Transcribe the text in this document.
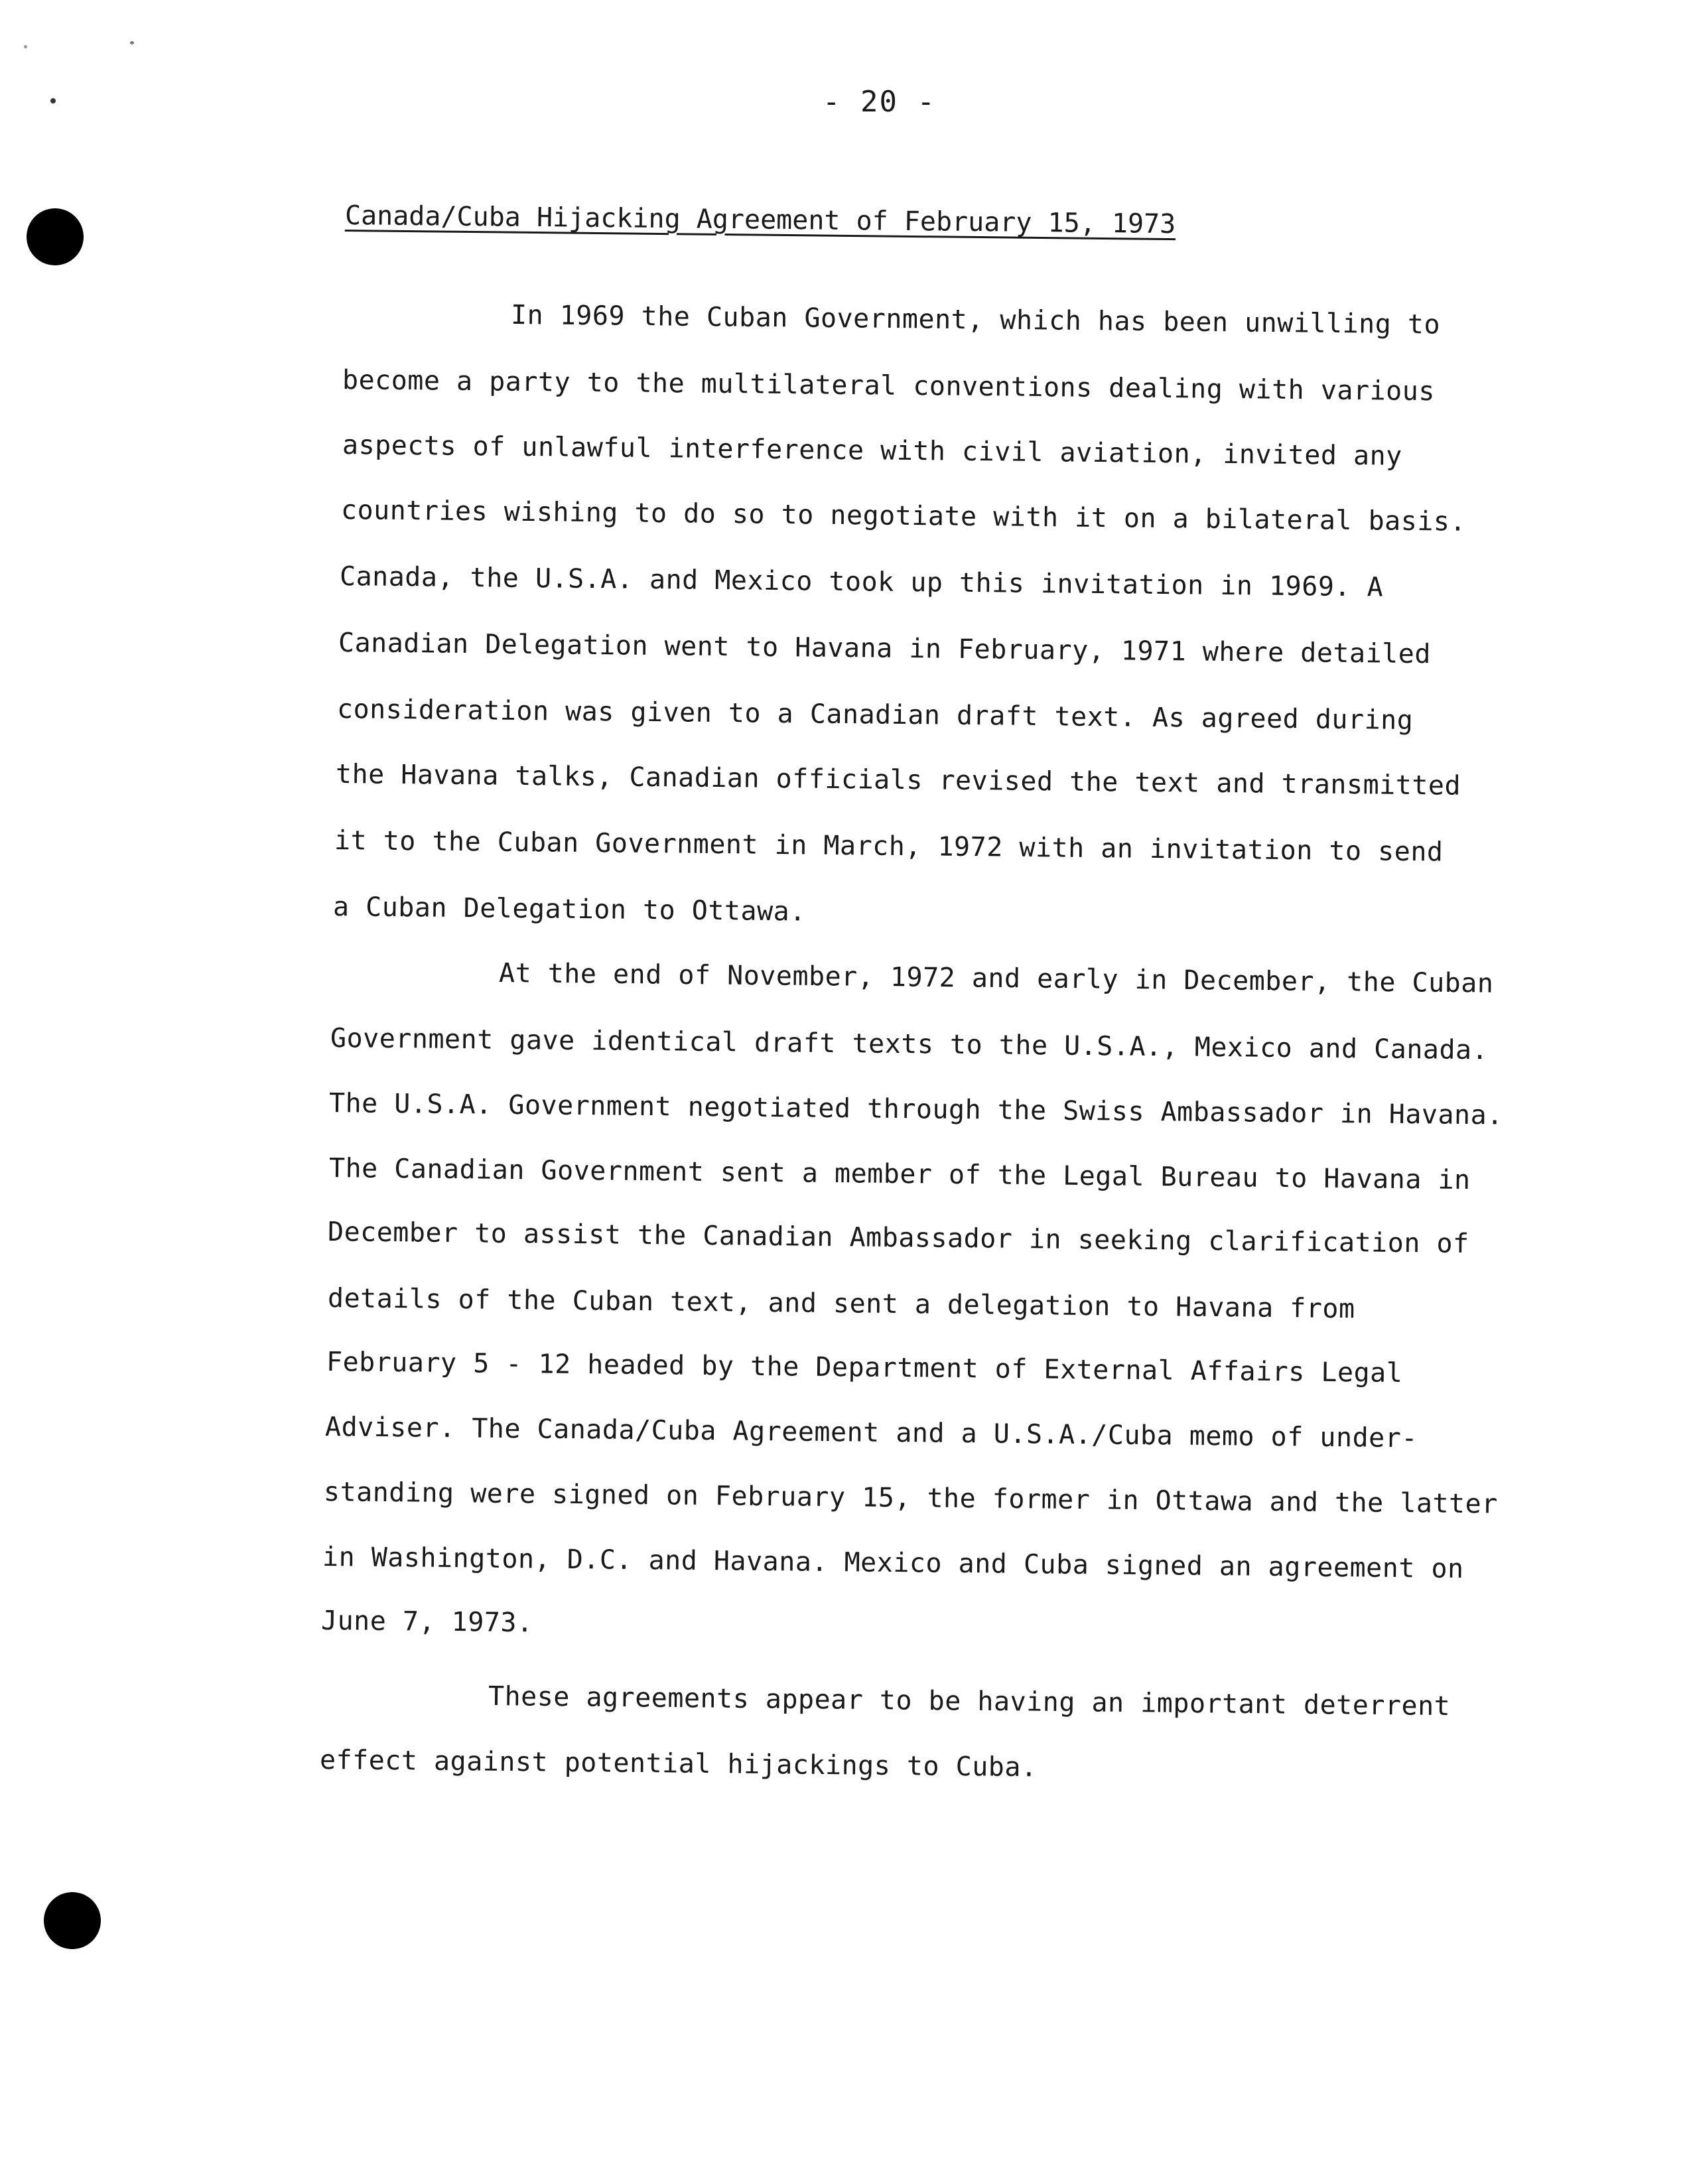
- 20 -
Canada/Cuba Hijacking Agreement of February 15, 1973
In 1969 the Cuban Government, which has been unwilling to
become a party to the multilateral conventions dealing with various
aspects of unlawful interference with civil aviation, invited any
countries wishing to do so to negotiate with it on a bilateral basis.
Canada, the U.S.A. and Mexico took up this invitation in 1969. A
Canadian Delegation went to Havana in February, 1971 where detailed
consideration was given to a Canadian draft text. As agreed during
the Havana talks, Canadian officials revised the text and transmitted
it to the Cuban Government in March, 1972 with an invitation to send
a Cuban Delegation to Ottawa.
At the end of November, 1972 and early in December, the Cuban
Government gave identical draft texts to the U.S.A., Mexico and Canada.
The U.S.A. Government negotiated through the Swiss Ambassador in Havana.
The Canadian Government sent a member of the Legal Bureau to Havana in
December to assist the Canadian Ambassador in seeking clarification of
details of the Cuban text, and sent a delegation to Havana from
February 5 - 12 headed by the Department of External Affairs Legal
Adviser. The Canada/Cuba Agreement and a U.S.A./Cuba memo of under-
standing were signed on February 15, the former in Ottawa and the latter
in Washington, D.C. and Havana. Mexico and Cuba signed an agreement on
June 7, 1973.
These agreements appear to be having an important deterrent
effect against potential hijackings to Cuba.
